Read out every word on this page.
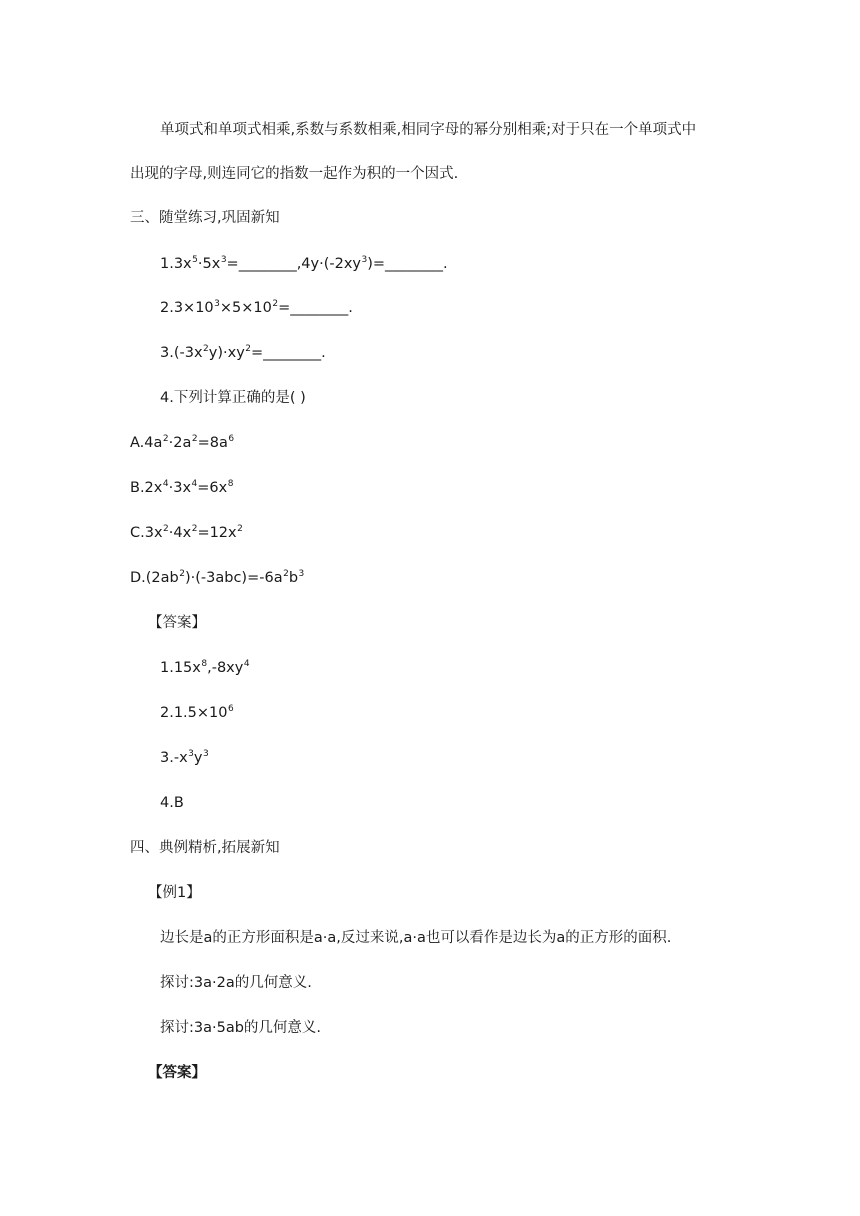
单项式和单项式相乘,系数与系数相乘,相同字母的幂分别相乘;对于只在一个单项式中
出现的字母,则连同它的指数一起作为积的一个因式.
三、随堂练习,巩固新知
$1.3x^5\cdot 5x^3=\_\_\_\_\_\_\_\_,4y\cdot(-2xy^3)=\_\_\_\_\_\_\_\_$.
$2.3\times 10^3\times 5\times 10^2=\_\_\_\_\_\_\_\_$.
$3.(-3x^2y)\cdot xy^2=\_\_\_\_\_\_\_\_$.
4.下列计算正确的是( )
$A.4a^2\cdot 2a^2=8a^6$
$B.2x^4\cdot 3x^4=6x^8$
$C.3x^2\cdot 4x^2=12x^2$
$D.(2ab^2)\cdot(-3abc)=-6a^2b^3$
【答案】
$1.15x^8,-8xy^4$
$2.1.5\times 10^6$
$3.-x^3y^3$
4.B
四、典例精析,拓展新知
【例1】
边长是a的正方形面积是a·a,反过来说,a·a也可以看作是边长为a的正方形的面积.
探讨:3a·2a的几何意义.
探讨:3a·5ab的几何意义.
【答案】
